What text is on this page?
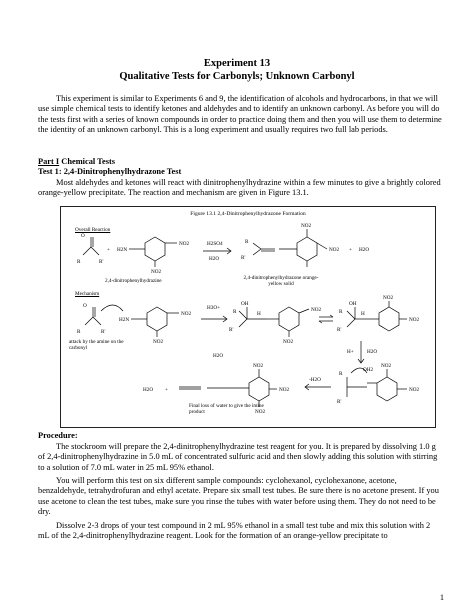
Experiment 13
Qualitative Tests for Carbonyls; Unknown Carbonyl
This experiment is similar to Experiments 6 and 9, the identification of alcohols and hydrocarbons, in that we will use simple chemical tests to identify ketones and aldehydes and to identify an unknown carbonyl. As before you will do the tests first with a series of known compounds in order to practice doing them and then you will use them to determine the identity of an unknown carbonyl. This is a long experiment and usually requires two full lab periods.
Part I Chemical Tests
Test 1: 2,4-Dinitrophenylhydrazone Test
Most aldehydes and ketones will react with dinitrophenylhydrazine within a few minutes to give a brightly colored orange-yellow precipitate. The reaction and mechanism are given in Figure 13.1.
Figure 13.1 2,4-Dinitrophenylhydrazone Formation
Overall Reaction
Mechanism
2,4-dinitrophenylhydrazine	2,4-dinitrophenylhydrazone orange-yellow solid
attack by the amine on the carbonyl
Final loss of water to give the imine product
O
R	R'
+ H2N
NO2
NO2
H2SO4
H2O
R
R'
NO2
NO2 + H2O
O
R	R'
H2N
NO2
NO2
H3O+
OH
R
R'
H
NO2
NO2
H2O
OH
R
R'
H
NO2
NO2
H+	H2O
H2O +
NO2
NO2
NO2
-H2O
OH2
R
R'
NO2
NO2
Procedure:
The stockroom will prepare the 2,4-dinitrophenylhydrazine test reagent for you. It is prepared by dissolving 1.0 g of 2,4-dinitrophenylhydrazine in 5.0 mL of concentrated sulfuric acid and then slowly adding this solution with stirring to a solution of 7.0 mL water in 25 mL 95% ethanol.
You will perform this test on six different sample compounds: cyclohexanol, cyclohexanone, acetone, benzaldehyde, tetrahydrofuran and ethyl acetate. Prepare six small test tubes. Be sure there is no acetone present. If you use acetone to clean the test tubes, make sure you rinse the tubes with water before using them. They do not need to be dry.
Dissolve 2-3 drops of your test compound in 2 mL 95% ethanol in a small test tube and mix this solution with 2 mL of the 2,4-dinitrophenylhydrazine reagent. Look for the formation of an orange-yellow precipitate to
1
